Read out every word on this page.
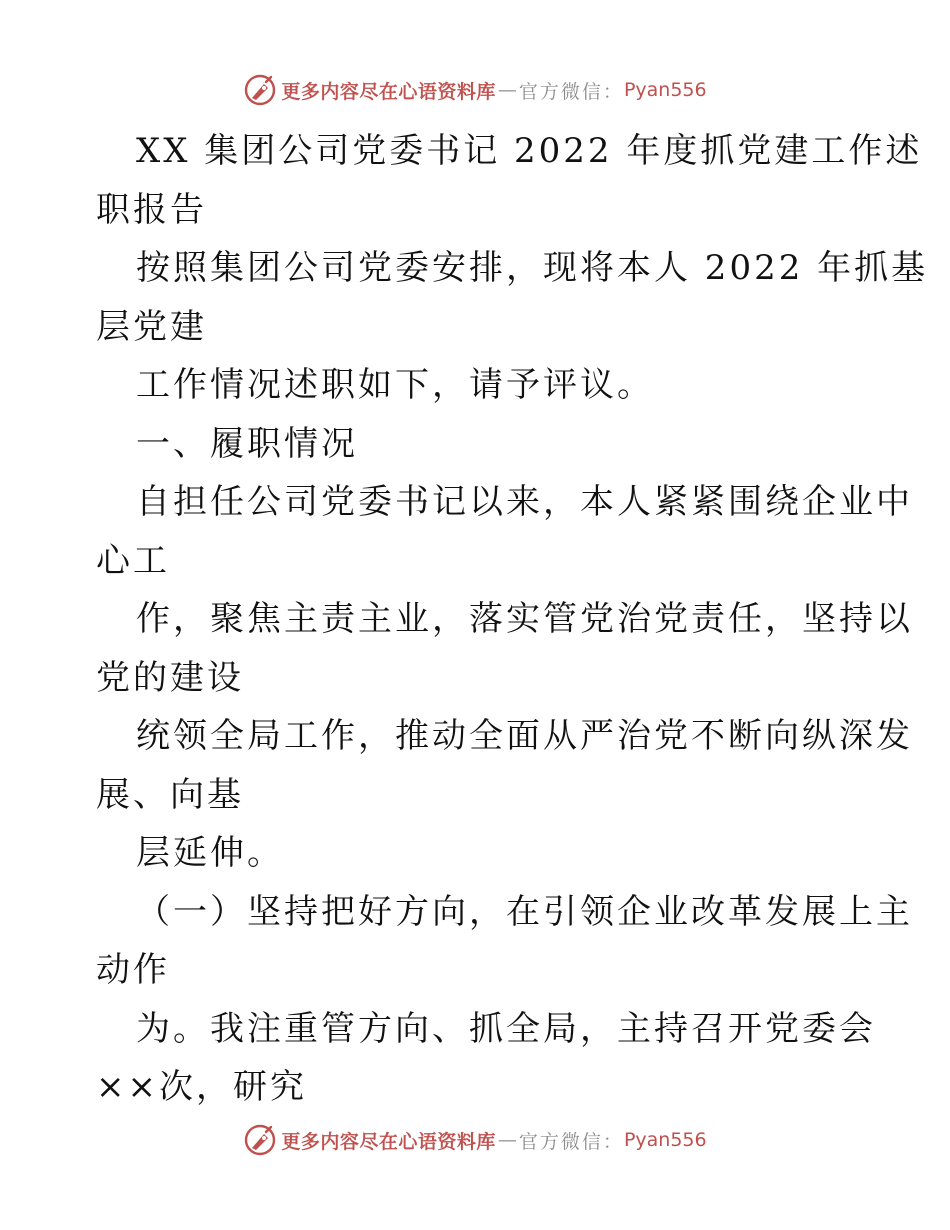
更多内容尽在心语资料库 — 官方微信： Pyan556
XX 集团公司党委书记 2022 年度抓党建工作述
职报告
按照集团公司党委安排，现将本人 2022 年抓基
层党建
工作情况述职如下，请予评议。
一、履职情况
自担任公司党委书记以来，本人紧紧围绕企业中
心工
作，聚焦主责主业，落实管党治党责任，坚持以
党的建设
统领全局工作，推动全面从严治党不断向纵深发
展、向基
层延伸。
（一）坚持把好方向，在引领企业改革发展上主
动作
为。我注重管方向、抓全局，主持召开党委会
××次，研究
更多内容尽在心语资料库 — 官方微信： Pyan556
